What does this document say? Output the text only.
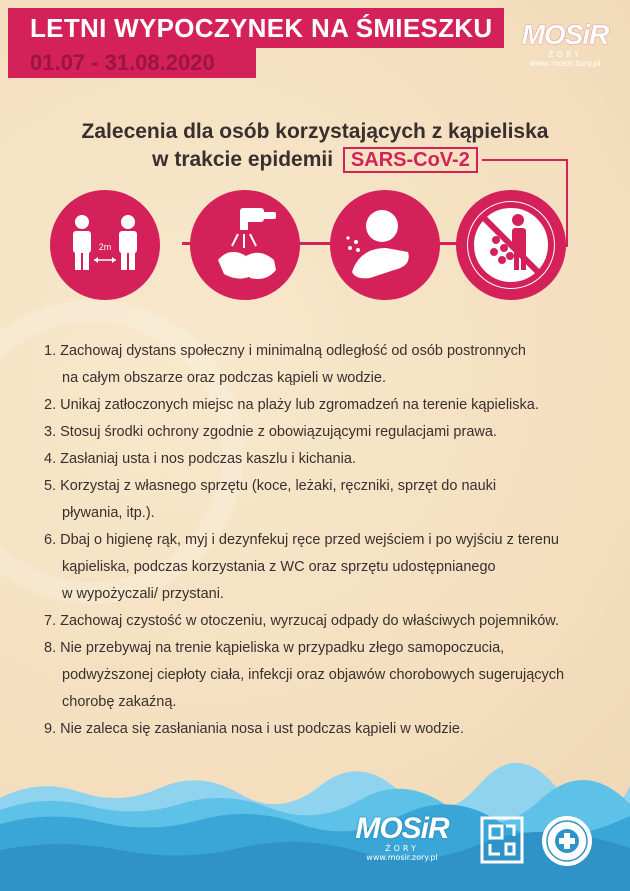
LETNI WYPOCZYNEK NA ŚMIESZKU
01.07 - 31.08.2020
MOSiR
ŻORY
www.mosir.zory.pl
Zalecenia dla osób korzystających z kąpieliska
w trakcie epidemii SARS-CoV-2
2m
1. Zachowaj dystans społeczny i minimalną odległość od osób postronnych
na całym obszarze oraz podczas kąpieli w wodzie.
2. Unikaj zatłoczonych miejsc na plaży lub zgromadzeń na terenie kąpieliska.
3. Stosuj środki ochrony zgodnie z obowiązującymi regulacjami prawa.
4. Zasłaniaj usta i nos podczas kaszlu i kichania.
5. Korzystaj z własnego sprzętu (koce, leżaki, ręczniki, sprzęt do nauki
pływania, itp.).
6. Dbaj o higienę rąk, myj i dezynfekuj ręce przed wejściem i po wyjściu z terenu
kąpieliska, podczas korzystania z WC oraz sprzętu udostępnianego
w wypożyczali/ przystani.
7. Zachowaj czystość w otoczeniu, wyrzucaj odpady do właściwych pojemników.
8. Nie przebywaj na trenie kąpieliska w przypadku złego samopoczucia,
podwyższonej ciepłoty ciała, infekcji oraz objawów chorobowych sugerujących
chorobę zakaźną.
9. Nie zaleca się zasłaniania nosa i ust podczas kąpieli w wodzie.
MOSiR
ŻORY
www.mosir.zory.pl
